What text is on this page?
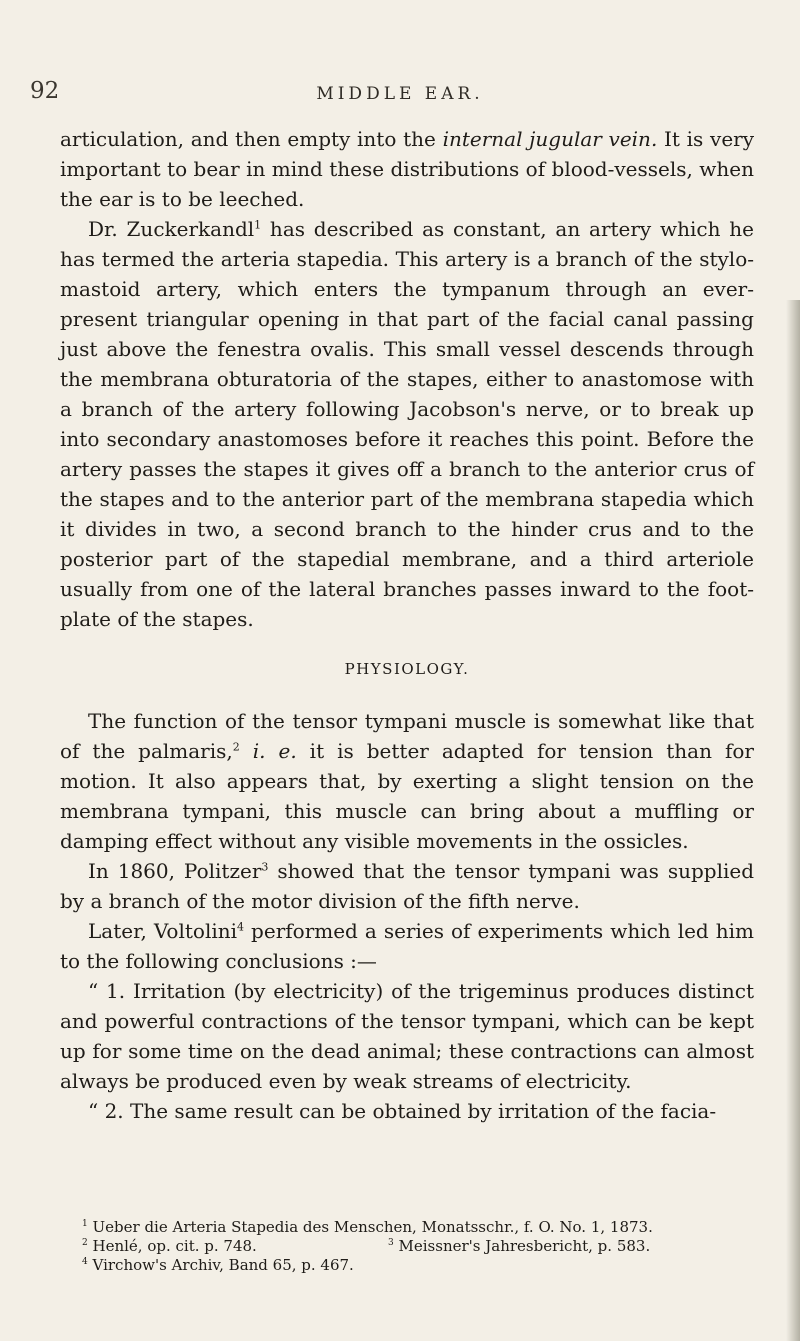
92	MIDDLE EAR.

articulation, and then empty into the internal jugular vein. It is very important to bear in mind these distributions of blood-vessels, when the ear is to be leeched.

Dr. Zuckerkandl$^1$ has described as constant, an artery which he has termed the arteria stapedia. This artery is a branch of the stylo-mastoid artery, which enters the tympanum through an ever-present triangular opening in that part of the facial canal passing just above the fenestra ovalis. This small vessel descends through the membrana obturatoria of the stapes, either to anastomose with a branch of the artery following Jacobson's nerve, or to break up into secondary anastomoses before it reaches this point. Before the artery passes the stapes it gives off a branch to the anterior crus of the stapes and to the anterior part of the membrana stapedia which it divides in two, a second branch to the hinder crus and to the posterior part of the stapedial membrane, and a third arteriole usually from one of the lateral branches passes inward to the foot-plate of the stapes.

PHYSIOLOGY.

The function of the tensor tympani muscle is somewhat like that of the palmaris,$^2$ i. e. it is better adapted for tension than for motion. It also appears that, by exerting a slight tension on the membrana tympani, this muscle can bring about a muffling or damping effect without any visible movements in the ossicles.

In 1860, Politzer$^3$ showed that the tensor tympani was supplied by a branch of the motor division of the fifth nerve.

Later, Voltolini$^4$ performed a series of experiments which led him to the following conclusions :—

“ 1. Irritation (by electricity) of the trigeminus produces distinct and powerful contractions of the tensor tympani, which can be kept up for some time on the dead animal; these contractions can almost always be produced even by weak streams of electricity.

“ 2. The same result can be obtained by irritation of the facia-

$^1$ Ueber die Arteria Stapedia des Menschen, Monatsschr., f. O. No. 1, 1873.
$^2$ Henlé, op. cit. p. 748.	$^3$ Meissner's Jahresbericht, p. 583.
$^4$ Virchow's Archiv, Band 65, p. 467.
